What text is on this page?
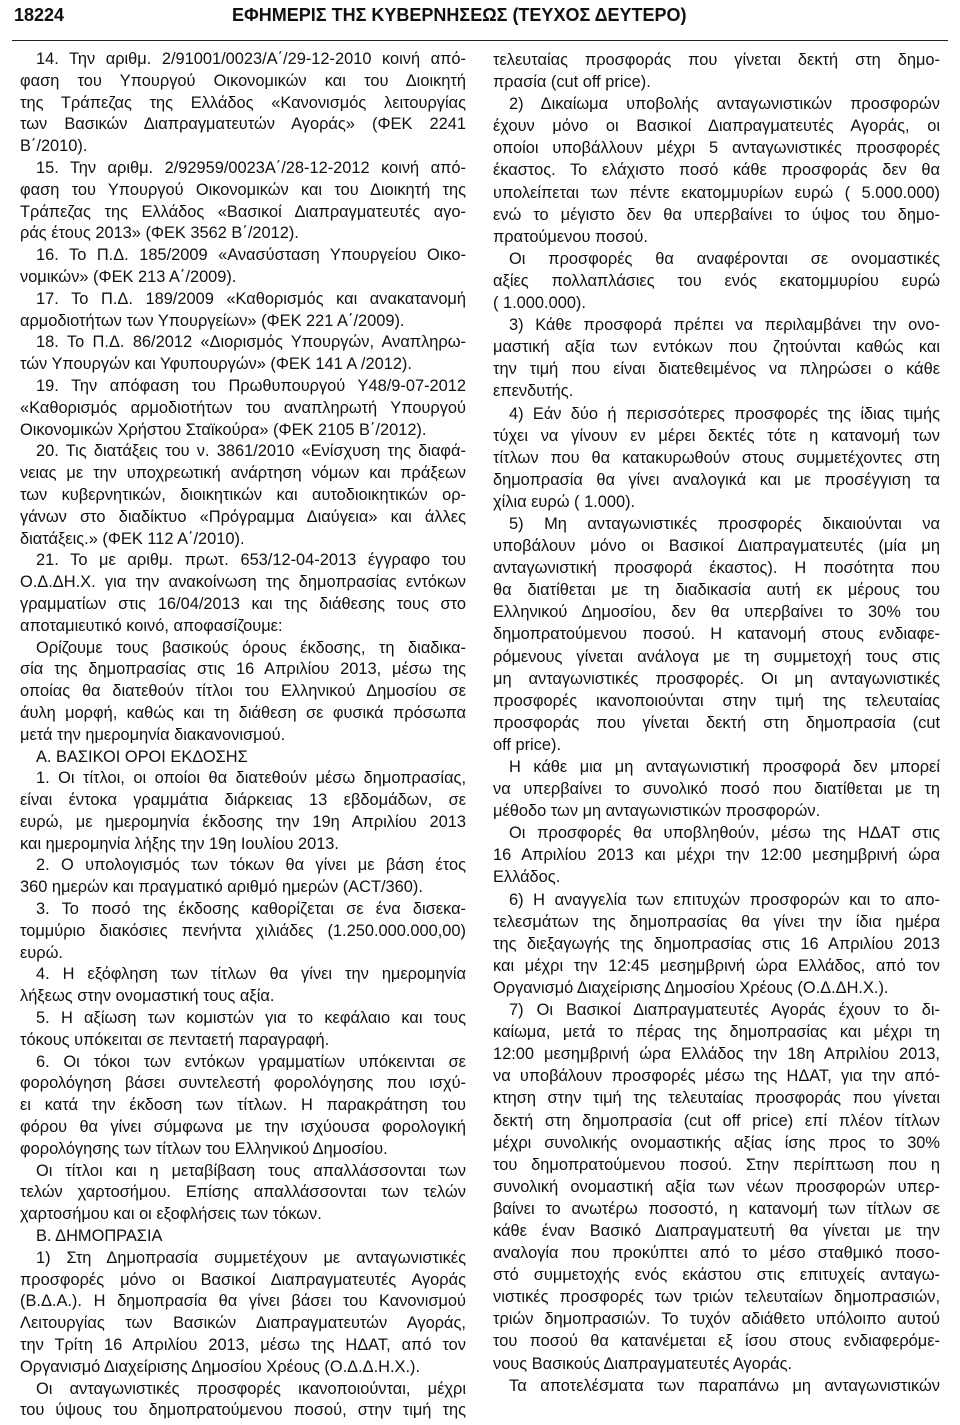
18224	ΕΦΗΜΕΡΙΣ ΤΗΣ ΚΥΒΕΡΝΗΣΕΩΣ (ΤΕΥΧΟΣ ΔΕΥΤΕΡΟ)
14. Την αριθμ. 2/91001/0023/Α΄/29-12-2010 κοινή από-
φαση του Υπουργού Οικονομικών και του Διοικητή
της Τράπεζας της Ελλάδος «Κανονισμός λειτουργίας
των Βασικών Διαπραγματευτών Αγοράς» (ΦΕΚ 2241
Β΄/2010).
15. Την αριθμ. 2/92959/0023Α΄/28-12-2012 κοινή από-
φαση του Υπουργού Οικονομικών και του Διοικητή της
Τράπεζας της Ελλάδος «Βασικοί Διαπραγματευτές αγο-
ράς έτους 2013» (ΦΕΚ 3562 Β΄/2012).
16. Το Π.Δ. 185/2009 «Ανασύσταση Υπουργείου Οικο-
νομικών» (ΦΕΚ 213 Α΄/2009).
17. Το Π.Δ. 189/2009 «Καθορισμός και ανακατανομή
αρμοδιοτήτων των Υπουργείων» (ΦΕΚ 221 Α΄/2009).
18. Το Π.Δ. 86/2012 «Διορισμός Υπουργών, Αναπληρω-
τών Υπουργών και Υφυπουργών» (ΦΕΚ 141 Α /2012).
19. Την απόφαση του Πρωθυπουργού Υ48/9-07-2012
«Καθορισμός αρμοδιοτήτων του αναπληρωτή Υπουργού
Οικονομικών Χρήστου Σταϊκούρα» (ΦΕΚ 2105 Β΄/2012).
20. Τις διατάξεις του ν. 3861/2010 «Ενίσχυση της διαφά-
νειας με την υποχρεωτική ανάρτηση νόμων και πράξεων
των κυβερνητικών, διοικητικών και αυτοδιοικητικών ορ-
γάνων στο διαδίκτυο «Πρόγραμμα Διαύγεια» και άλλες
διατάξεις.» (ΦΕΚ 112 Α΄/2010).
21. Το με αριθμ. πρωτ. 653/12-04-2013 έγγραφο του
Ο.Δ.ΔΗ.Χ. για την ανακοίνωση της δημοπρασίας εντόκων
γραμματίων στις 16/04/2013 και της διάθεσης τους στο
αποταμιευτικό κοινό, αποφασίζουμε:
Ορίζουμε τους βασικούς όρους έκδοσης, τη διαδικα-
σία της δημοπρασίας στις 16 Απριλίου 2013, μέσω της
οποίας θα διατεθούν τίτλοι του Ελληνικού Δημοσίου σε
άυλη μορφή, καθώς και τη διάθεση σε φυσικά πρόσωπα
μετά την ημερομηνία διακανονισμού.
Α. ΒΑΣΙΚΟΙ ΟΡΟΙ ΕΚΔΟΣΗΣ
1. Οι τίτλοι, οι οποίοι θα διατεθούν μέσω δημοπρασίας,
είναι έντοκα γραμμάτια διάρκειας 13 εβδομάδων, σε
ευρώ, με ημερομηνία έκδοσης την 19η Απριλίου 2013
και ημερομηνία λήξης την 19η Ιουλίου 2013.
2. Ο υπολογισμός των τόκων θα γίνει με βάση έτος
360 ημερών και πραγματικό αριθμό ημερών (ACT/360).
3. Το ποσό της έκδοσης καθορίζεται σε ένα δισεκα-
τομμύριο διακόσιες πενήντα χιλιάδες (1.250.000.000,00)
ευρώ.
4. Η εξόφληση των τίτλων θα γίνει την ημερομηνία
λήξεως στην ονομαστική τους αξία.
5. Η αξίωση των κομιστών για το κεφάλαιο και τους
τόκους υπόκειται σε πενταετή παραγραφή.
6. Οι τόκοι των εντόκων γραμματίων υπόκεινται σε
φορολόγηση βάσει συντελεστή φορολόγησης που ισχύ-
ει κατά την έκδοση των τίτλων. Η παρακράτηση του
φόρου θα γίνει σύμφωνα με την ισχύουσα φορολογική
φορολόγησης των τίτλων του Ελληνικού Δημοσίου.
Οι τίτλοι και η μεταβίβαση τους απαλλάσσονται των
τελών χαρτοσήμου. Επίσης απαλλάσσονται των τελών
χαρτοσήμου και οι εξοφλήσεις των τόκων.
Β. ΔΗΜΟΠΡΑΣΙΑ
1) Στη Δημοπρασία συμμετέχουν με ανταγωνιστικές
προσφορές μόνο οι Βασικοί Διαπραγματευτές Αγοράς
(Β.Δ.Α.). Η δημοπρασία θα γίνει βάσει του Κανονισμού
Λειτουργίας των Βασικών Διαπραγματευτών Αγοράς,
την Τρίτη 16 Απριλίου 2013, μέσω της ΗΔΑΤ, από τον
Οργανισμό Διαχείρισης Δημοσίου Χρέους (Ο.Δ.Δ.Η.Χ.).
Οι ανταγωνιστικές προσφορές ικανοποιούνται, μέχρι
του ύψους του δημοπρατούμενου ποσού, στην τιμή της
τελευταίας προσφοράς που γίνεται δεκτή στη δημο-
πρασία (cut off price).
2) Δικαίωμα υποβολής ανταγωνιστικών προσφορών
έχουν μόνο οι Βασικοί Διαπραγματευτές Αγοράς, οι
οποίοι υποβάλλουν μέχρι 5 ανταγωνιστικές προσφορές
έκαστος. Το ελάχιστο ποσό κάθε προσφοράς δεν θα
υπολείπεται των πέντε εκατομμυρίων ευρώ ( 5.000.000)
ενώ το μέγιστο δεν θα υπερβαίνει το ύψος του δημο-
πρατούμενου ποσού.
Οι προσφορές θα αναφέρονται σε ονομαστικές
αξίες πολλαπλάσιες του ενός εκατομμυρίου ευρώ
( 1.000.000).
3) Κάθε προσφορά πρέπει να περιλαμβάνει την ονο-
μαστική αξία των εντόκων που ζητούνται καθώς και
την τιμή που είναι διατεθειμένος να πληρώσει ο κάθε
επενδυτής.
4) Εάν δύο ή περισσότερες προσφορές της ίδιας τιμής
τύχει να γίνουν εν μέρει δεκτές τότε η κατανομή των
τίτλων που θα κατακυρωθούν στους συμμετέχοντες στη
δημοπρασία θα γίνει αναλογικά και με προσέγγιση τα
χίλια ευρώ ( 1.000).
5) Μη ανταγωνιστικές προσφορές δικαιούνται να
υποβάλουν μόνο οι Βασικοί Διαπραγματευτές (μία μη
ανταγωνιστική προσφορά έκαστος). Η ποσότητα που
θα διατίθεται με τη διαδικασία αυτή εκ μέρους του
Ελληνικού Δημοσίου, δεν θα υπερβαίνει το 30% του
δημοπρατούμενου ποσού. Η κατανομή στους ενδιαφε-
ρόμενους γίνεται ανάλογα με τη συμμετοχή τους στις
μη ανταγωνιστικές προσφορές. Οι μη ανταγωνιστικές
προσφορές ικανοποιούνται στην τιμή της τελευταίας
προσφοράς που γίνεται δεκτή στη δημοπρασία (cut
off price).
Η κάθε μια μη ανταγωνιστική προσφορά δεν μπορεί
να υπερβαίνει το συνολικό ποσό που διατίθεται με τη
μέθοδο των μη ανταγωνιστικών προσφορών.
Οι προσφορές θα υποβληθούν, μέσω της ΗΔΑΤ στις
16 Απριλίου 2013 και μέχρι την 12:00 μεσημβρινή ώρα
Ελλάδος.
6) Η αναγγελία των επιτυχών προσφορών και το απο-
τελεσμάτων της δημοπρασίας θα γίνει την ίδια ημέρα
της διεξαγωγής της δημοπρασίας στις 16 Απριλίου 2013
και μέχρι την 12:45 μεσημβρινή ώρα Ελλάδος, από τον
Οργανισμό Διαχείρισης Δημοσίου Χρέους (Ο.Δ.ΔΗ.Χ.).
7) Οι Βασικοί Διαπραγματευτές Αγοράς έχουν το δι-
καίωμα, μετά το πέρας της δημοπρασίας και μέχρι τη
12:00 μεσημβρινή ώρα Ελλάδος την 18η Απριλίου 2013,
να υποβάλουν προσφορές μέσω της ΗΔΑΤ, για την από-
κτηση στην τιμή της τελευταίας προσφοράς που γίνεται
δεκτή στη δημοπρασία (cut off price) επί πλέον τίτλων
μέχρι συνολικής ονομαστικής αξίας ίσης προς το 30%
του δημοπρατούμενου ποσού. Στην περίπτωση που η
συνολική ονομαστική αξία των νέων προσφορών υπερ-
βαίνει το ανωτέρω ποσοστό, η κατανομή των τίτλων σε
κάθε έναν Βασικό Διαπραγματευτή θα γίνεται με την
αναλογία που προκύπτει από το μέσο σταθμικό ποσο-
στό συμμετοχής ενός εκάστου στις επιτυχείς ανταγω-
νιστικές προσφορές των τριών τελευταίων δημοπρασιών,
τριών δημοπρασιών. Το τυχόν αδιάθετο υπόλοιπο αυτού
του ποσού θα κατανέμεται εξ ίσου στους ενδιαφερόμε-
νους Βασικούς Διαπραγματευτές Αγοράς.
Τα αποτελέσματα των παραπάνω μη ανταγωνιστικών
